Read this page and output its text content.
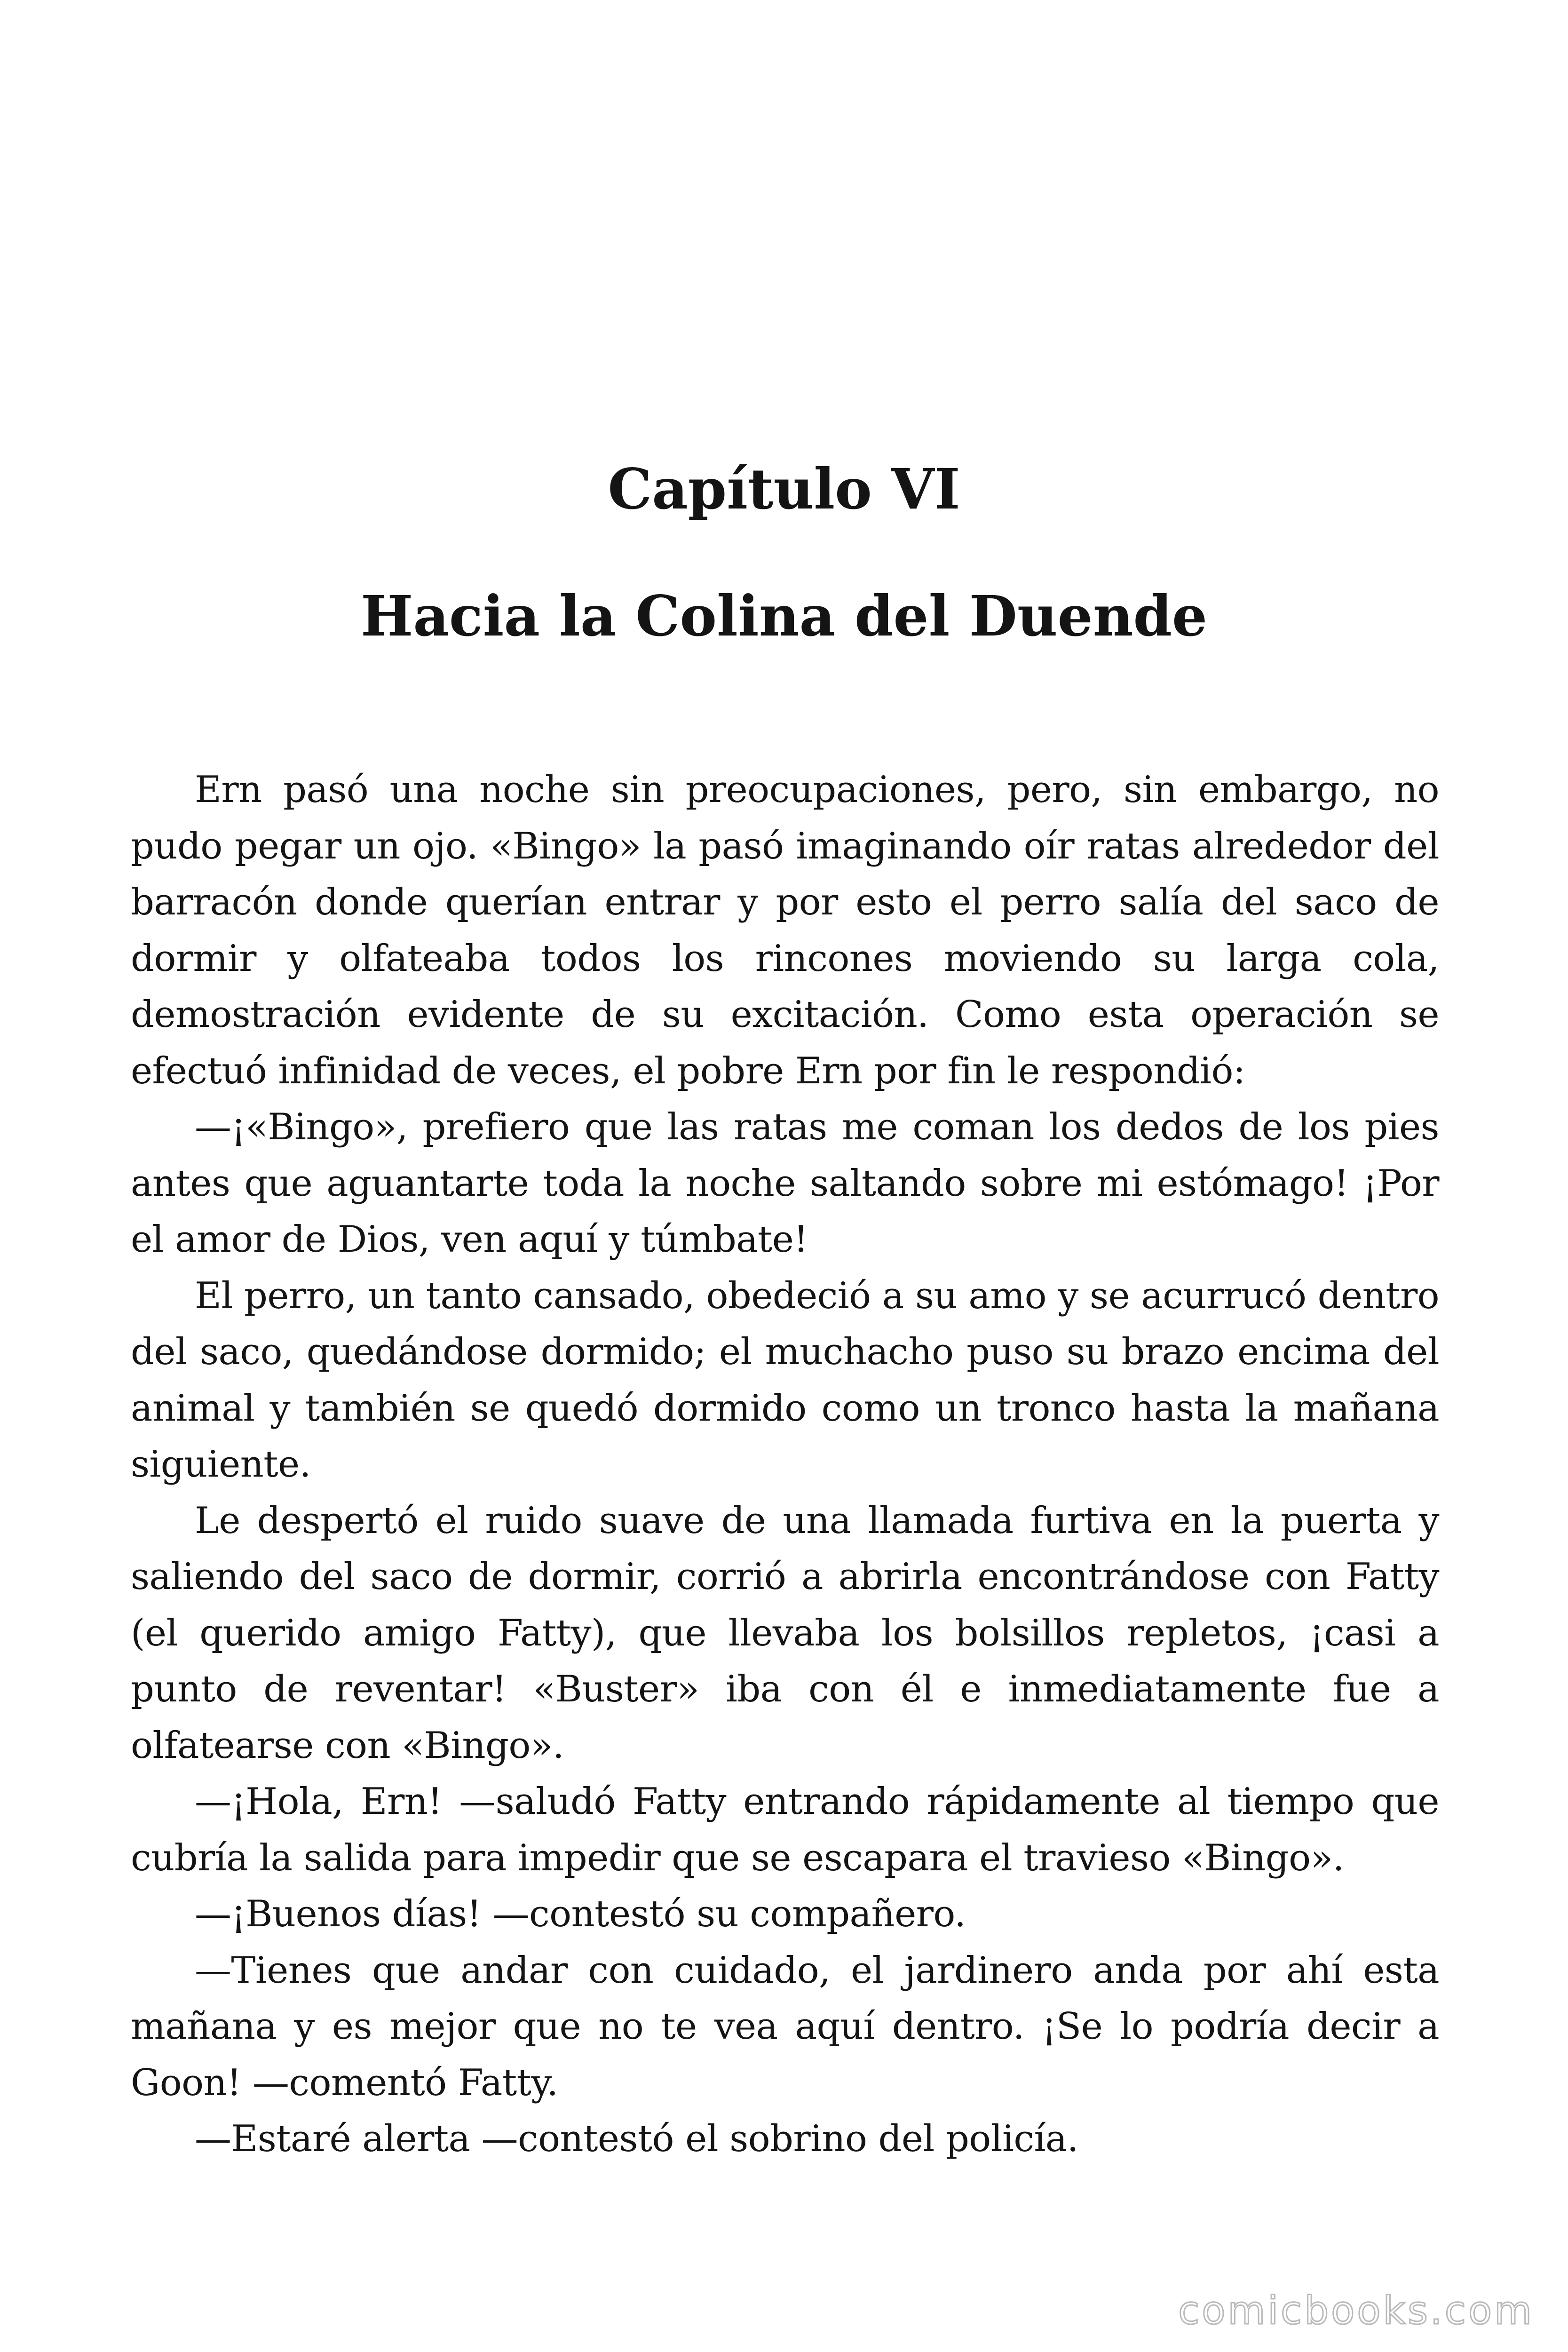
Capítulo VI
Hacia la Colina del Duende

Ern pasó una noche sin preocupaciones, pero, sin embargo, no pudo pegar un ojo. «Bingo» la pasó imaginando oír ratas alrededor del barracón donde querían entrar y por esto el perro salía del saco de dormir y olfateaba todos los rincones moviendo su larga cola, demostración evidente de su excitación. Como esta operación se efectuó infinidad de veces, el pobre Ern por fin le respondió:

—¡«Bingo», prefiero que las ratas me coman los dedos de los pies antes que aguantarte toda la noche saltando sobre mi estómago! ¡Por el amor de Dios, ven aquí y túmbate!

El perro, un tanto cansado, obedeció a su amo y se acurrucó dentro del saco, quedándose dormido; el muchacho puso su brazo encima del animal y también se quedó dormido como un tronco hasta la mañana siguiente.

Le despertó el ruido suave de una llamada furtiva en la puerta y saliendo del saco de dormir, corrió a abrirla encontrándose con Fatty (el querido amigo Fatty), que llevaba los bolsillos repletos, ¡casi a punto de reventar! «Buster» iba con él e inmediatamente fue a olfatearse con «Bingo».

—¡Hola, Ern! —saludó Fatty entrando rápidamente al tiempo que cubría la salida para impedir que se escapara el travieso «Bingo».

—¡Buenos días! —contestó su compañero.

—Tienes que andar con cuidado, el jardinero anda por ahí esta mañana y es mejor que no te vea aquí dentro. ¡Se lo podría decir a Goon! —comentó Fatty.

—Estaré alerta —contestó el sobrino del policía.

comicbooks.com
